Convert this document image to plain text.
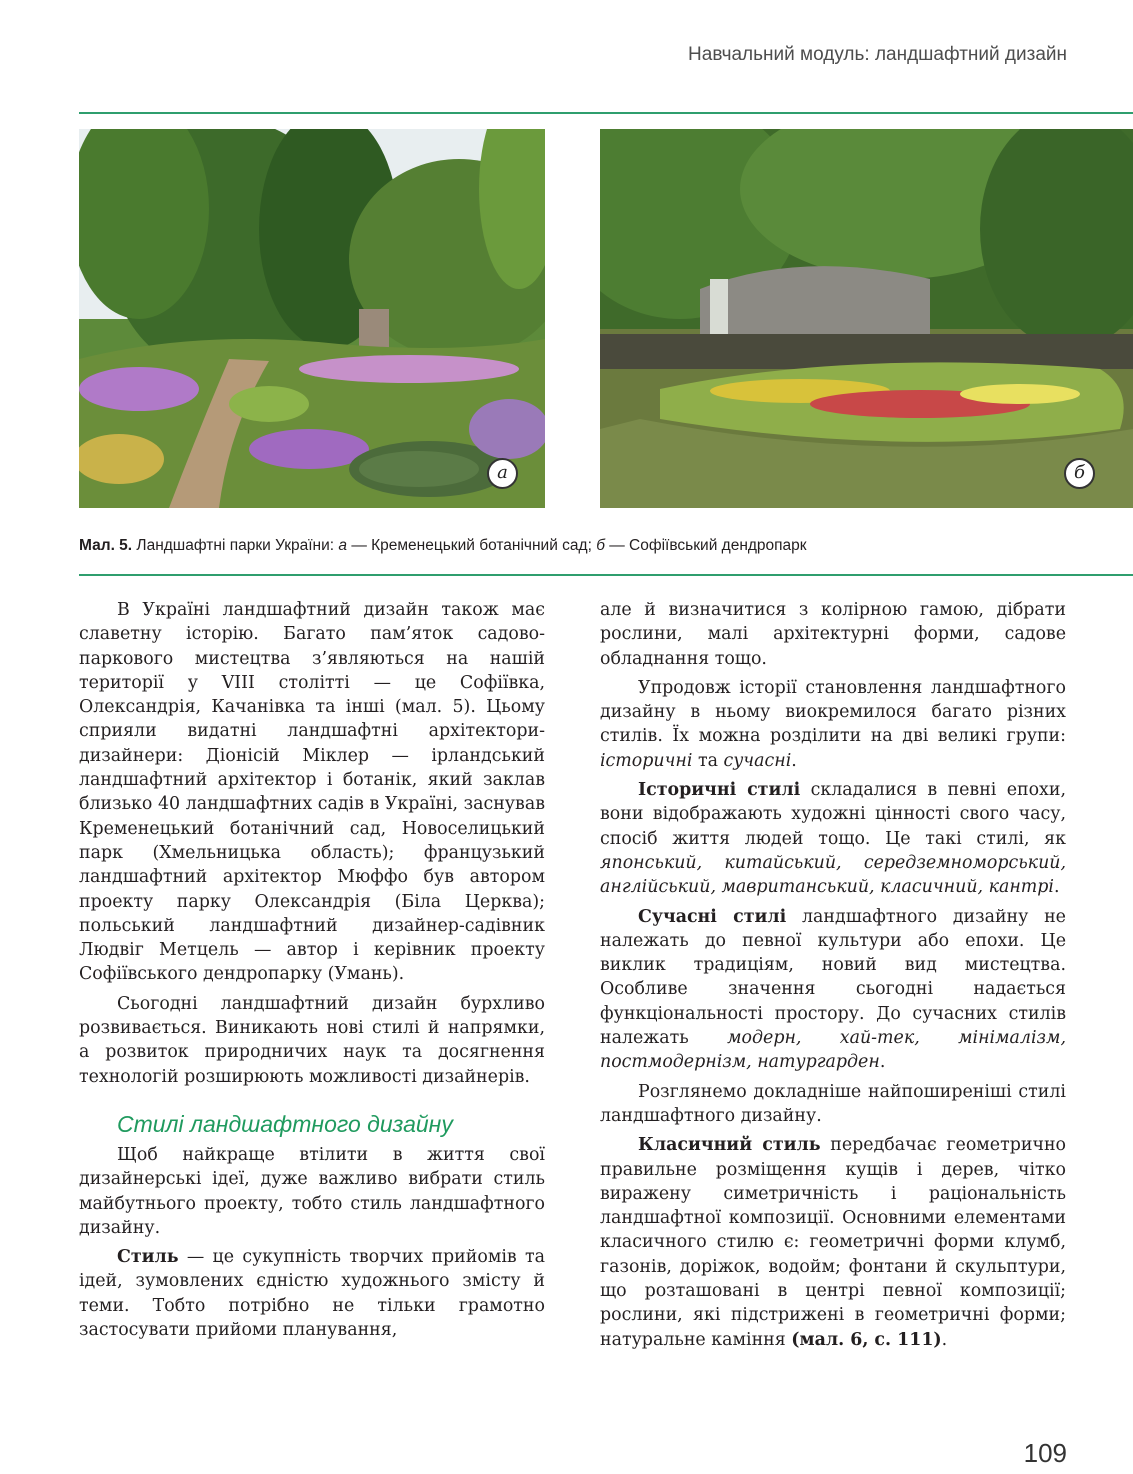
Навчальний модуль: ландшафтний дизайн
а	б
Мал. 5. Ландшафтні парки України: а — Кременецький ботанічний сад; б — Софіївський дендропарк

В Україні ландшафтний дизайн також має славетну історію. Багато пам’яток садово-паркового мистецтва з’являються на нашій території у VIII столітті — це Софіївка, Олександрія, Качанівка та інші (мал. 5). Цьому сприяли видатні ландшафтні архітектори-дизайнери: Діонісій Міклер — ірландський ландшафтний архітектор і ботанік, який заклав близько 40 ландшафтних садів в Україні, заснував Кременецький ботанічний сад, Новоселицький парк (Хмельницька область); французький ландшафтний архітектор Мюффо був автором проекту парку Олександрія (Біла Церква); польський ландшафтний дизайнер-садівник Людвіг Метцель — автор і керівник проекту Софіївського дендропарку (Умань).

Сьогодні ландшафтний дизайн бурхливо розвивається. Виникають нові стилі й напрямки, а розвиток природничих наук та досягнення технологій розширюють можливості дизайнерів.

Стилі ландшафтного дизайну

Щоб найкраще втілити в життя свої дизайнерські ідеї, дуже важливо вибрати стиль майбутнього проекту, тобто стиль ландшафтного дизайну.

Стиль — це сукупність творчих прийомів та ідей, зумовлених єдністю художнього змісту й теми. Тобто потрібно не тільки грамотно застосувати прийоми планування,

але й визначитися з колірною гамою, дібрати рослини, малі архітектурні форми, садове обладнання тощо.

Упродовж історії становлення ландшафтного дизайну в ньому виокремилося багато різних стилів. Їх можна розділити на дві великі групи: історичні та сучасні.

Історичні стилі складалися в певні епохи, вони відображають художні цінності свого часу, спосіб життя людей тощо. Це такі стилі, як японський, китайський, середземноморський, англійський, мавританський, класичний, кантрі.

Сучасні стилі ландшафтного дизайну не належать до певної культури або епохи. Це виклик традиціям, новий вид мистецтва. Особливе значення сьогодні надається функціональності простору. До сучасних стилів належать модерн, хай-тек, мінімалізм, постмодернізм, натургарден.

Розглянемо докладніше найпоширеніші стилі ландшафтного дизайну.

Класичний стиль передбачає геометрично правильне розміщення кущів і дерев, чітко виражену симетричність і раціональність ландшафтної композиції. Основними елементами класичного стилю є: геометричні форми клумб, газонів, доріжок, водойм; фонтани й скульптури, що розташовані в центрі певної композиції; рослини, які підстрижені в геометричні форми; натуральне каміння (мал. 6, с. 111).

109
